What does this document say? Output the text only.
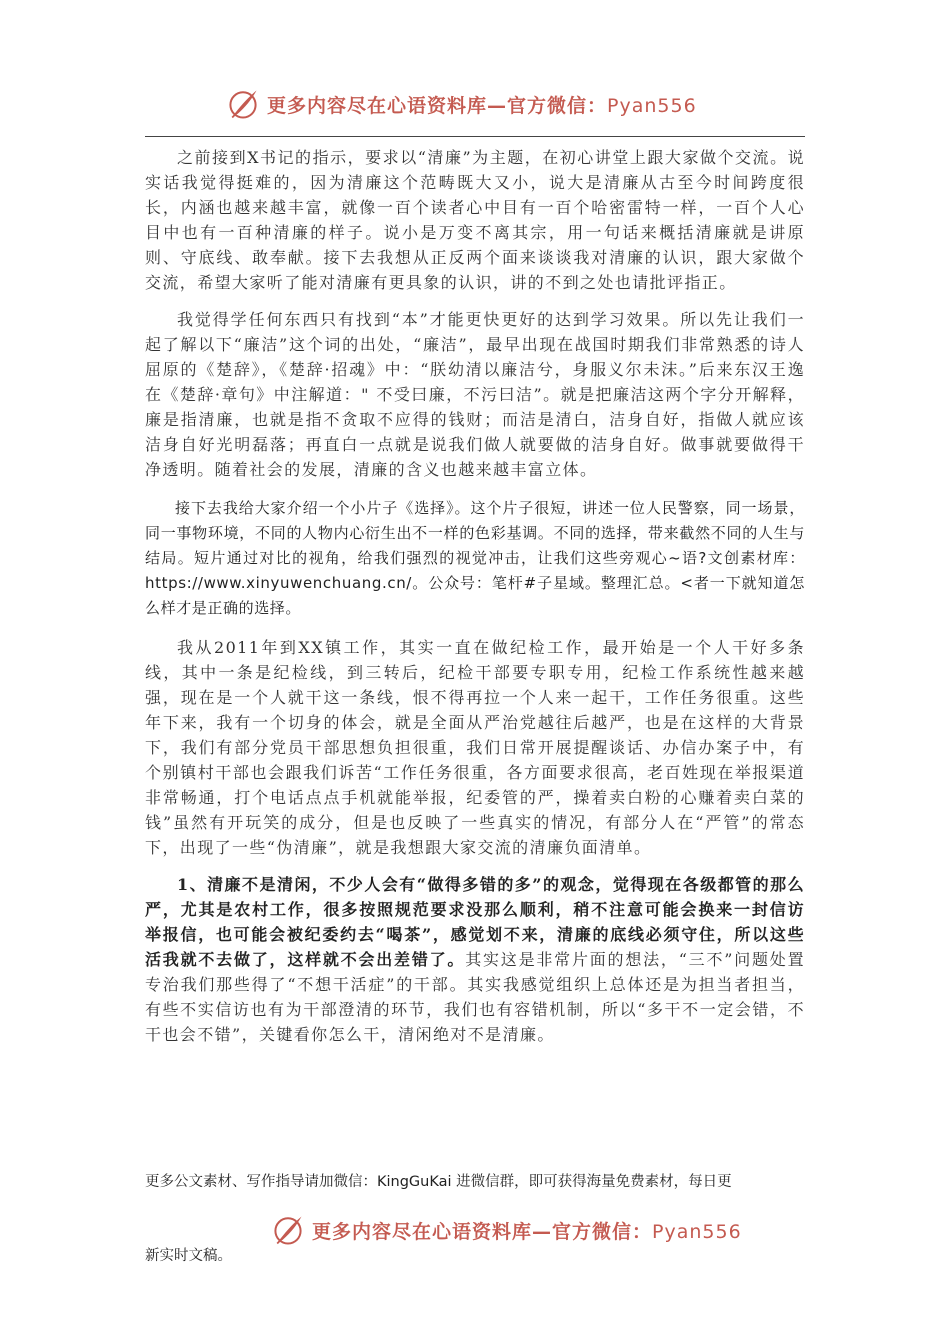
更多内容尽在心语资料库—官方微信：Pyan556

之前接到X书记的指示，要求以“清廉”为主题，在初心讲堂上跟大家做个交流。说实话我觉得挺难的，因为清廉这个范畴既大又小，说大是清廉从古至今时间跨度很长，内涵也越来越丰富，就像一百个读者心中目有一百个哈密雷特一样，一百个人心目中也有一百种清廉的样子。说小是万变不离其宗，用一句话来概括清廉就是讲原则、守底线、敢奉献。接下去我想从正反两个面来谈谈我对清廉的认识，跟大家做个交流，希望大家听了能对清廉有更具象的认识，讲的不到之处也请批评指正。

我觉得学任何东西只有找到“本”才能更快更好的达到学习效果。所以先让我们一起了解以下“廉洁”这个词的出处，“廉洁”，最早出现在战国时期我们非常熟悉的诗人屈原的《楚辞》，《楚辞·招魂》中：“朕幼清以廉洁兮，身服义尔未沫。”后来东汉王逸在《楚辞·章句》中注解道：" 不受曰廉，不污曰洁”。就是把廉洁这两个字分开解释，廉是指清廉，也就是指不贪取不应得的钱财；而洁是清白，洁身自好，指做人就应该洁身自好光明磊落；再直白一点就是说我们做人就要做的洁身自好。做事就要做得干净透明。随着社会的发展，清廉的含义也越来越丰富立体。

接下去我给大家介绍一个小片子《选择》。这个片子很短，讲述一位人民警察，同一场景，同一事物环境，不同的人物内心衍生出不一样的色彩基调。不同的选择，带来截然不同的人生与结局。短片通过对比的视角，给我们强烈的视觉冲击，让我们这些旁观心~语?文创素材库：https://www.xinyuwenchuang.cn/。公众号：笔杆#子星域。整理汇总。<者一下就知道怎么样才是正确的选择。

我从2011年到XX镇工作，其实一直在做纪检工作，最开始是一个人干好多条线，其中一条是纪检线，到三转后，纪检干部要专职专用，纪检工作系统性越来越强，现在是一个人就干这一条线，恨不得再拉一个人来一起干，工作任务很重。这些年下来，我有一个切身的体会，就是全面从严治党越往后越严，也是在这样的大背景下，我们有部分党员干部思想负担很重，我们日常开展提醒谈话、办信办案子中，有个别镇村干部也会跟我们诉苦“工作任务很重，各方面要求很高，老百姓现在举报渠道非常畅通，打个电话点点手机就能举报，纪委管的严，操着卖白粉的心赚着卖白菜的钱”虽然有开玩笑的成分，但是也反映了一些真实的情况，有部分人在“严管”的常态下，出现了一些“伪清廉”，就是我想跟大家交流的清廉负面清单。

1、清廉不是清闲，不少人会有“做得多错的多”的观念，觉得现在各级都管的那么严，尤其是农村工作，很多按照规范要求没那么顺利，稍不注意可能会换来一封信访举报信，也可能会被纪委约去“喝茶”，感觉划不来，清廉的底线必须守住，所以这些活我就不去做了，这样就不会出差错了。其实这是非常片面的想法，“三不”问题处置专治我们那些得了“不想干活症”的干部。其实我感觉组织上总体还是为担当者担当，有些不实信访也有为干部澄清的环节，我们也有容错机制，所以“多干不一定会错，不干也会不错”，关键看你怎么干，清闲绝对不是清廉。

更多公文素材、写作指导请加微信：KingGuKai 进微信群，即可获得海量免费素材，每日更
更多内容尽在心语资料库—官方微信：Pyan556
新实时文稿。
